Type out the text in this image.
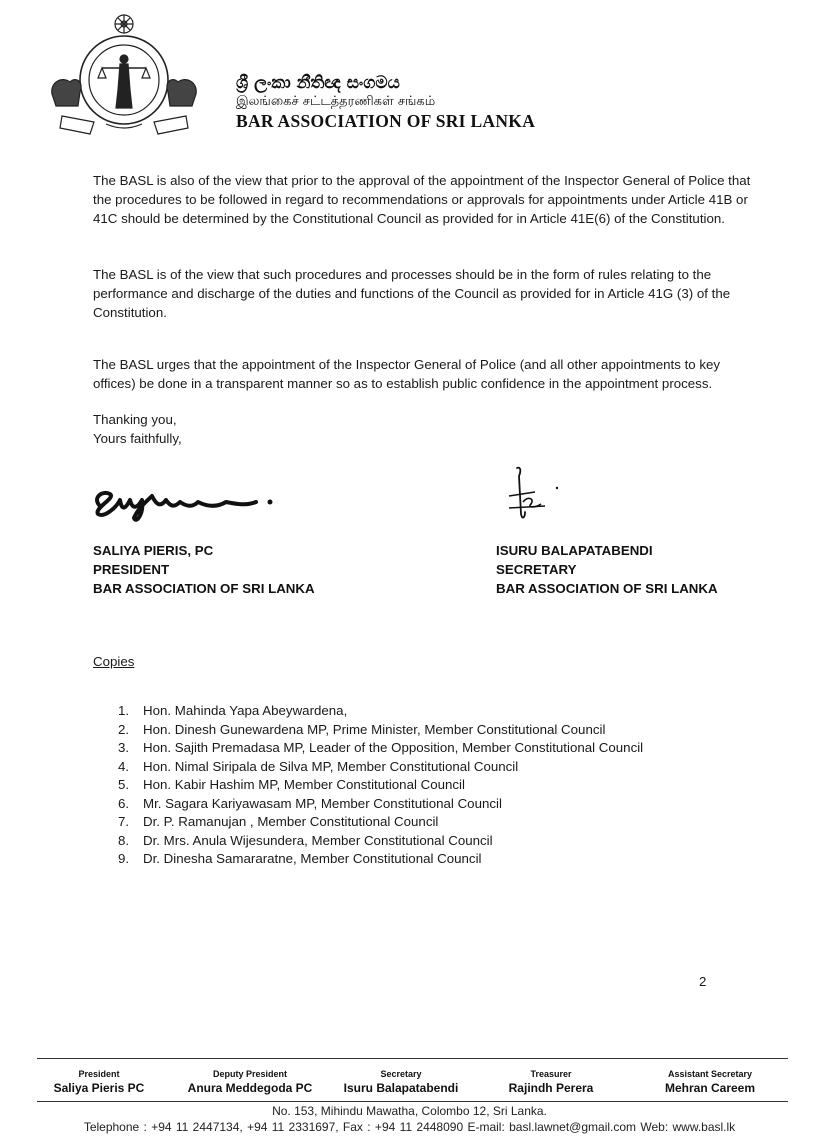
ශ්‍රී ලංකා නීතිඥ සංගමය
இலங்கைச் சட்டத்தரணிகள் சங்கம்
BAR ASSOCIATION OF SRI LANKA

The BASL is also of the view that prior to the approval of the appointment of the Inspector General of Police that the procedures to be followed in regard to recommendations or approvals for appointments under Article 41B or 41C should be determined by the Constitutional Council as provided for in Article 41E(6) of the Constitution.

The BASL is of the view that such procedures and processes should be in the form of rules relating to the performance and discharge of the duties and functions of the Council as provided for in Article 41G (3) of the Constitution.

The BASL urges that the appointment of the Inspector General of Police (and all other appointments to key offices) be done in a transparent manner so as to establish public confidence in the appointment process.

Thanking you,
Yours faithfully,
SALIYA PIERIS, PC
PRESIDENT
BAR ASSOCIATION OF SRI LANKA
ISURU BALAPATABENDI
SECRETARY
BAR ASSOCIATION OF SRI LANKA
Copies
1.	Hon. Mahinda Yapa Abeywardena,
2.	Hon. Dinesh Gunewardena MP, Prime Minister, Member Constitutional Council
3.	Hon. Sajith Premadasa MP, Leader of the Opposition, Member Constitutional Council
4.	Hon. Nimal Siripala de Silva MP, Member Constitutional Council
5.	Hon. Kabir Hashim MP, Member Constitutional Council
6.	Mr. Sagara Kariyawasam MP, Member Constitutional Council
7.	Dr. P. Ramanujan , Member Constitutional Council
8.	Dr. Mrs. Anula Wijesundera, Member Constitutional Council
9.	Dr. Dinesha Samararatne, Member Constitutional Council
2
President
Saliya Pieris PC
Deputy President
Anura Meddegoda PC
Secretary
Isuru Balapatabendi
Treasurer
Rajindh Perera
Assistant Secretary
Mehran Careem
No. 153, Mihindu Mawatha, Colombo 12, Sri Lanka.
Telephone : +94 11 2447134, +94 11 2331697, Fax : +94 11 2448090 E-mail: basl.lawnet@gmail.com Web: www.basl.lk
